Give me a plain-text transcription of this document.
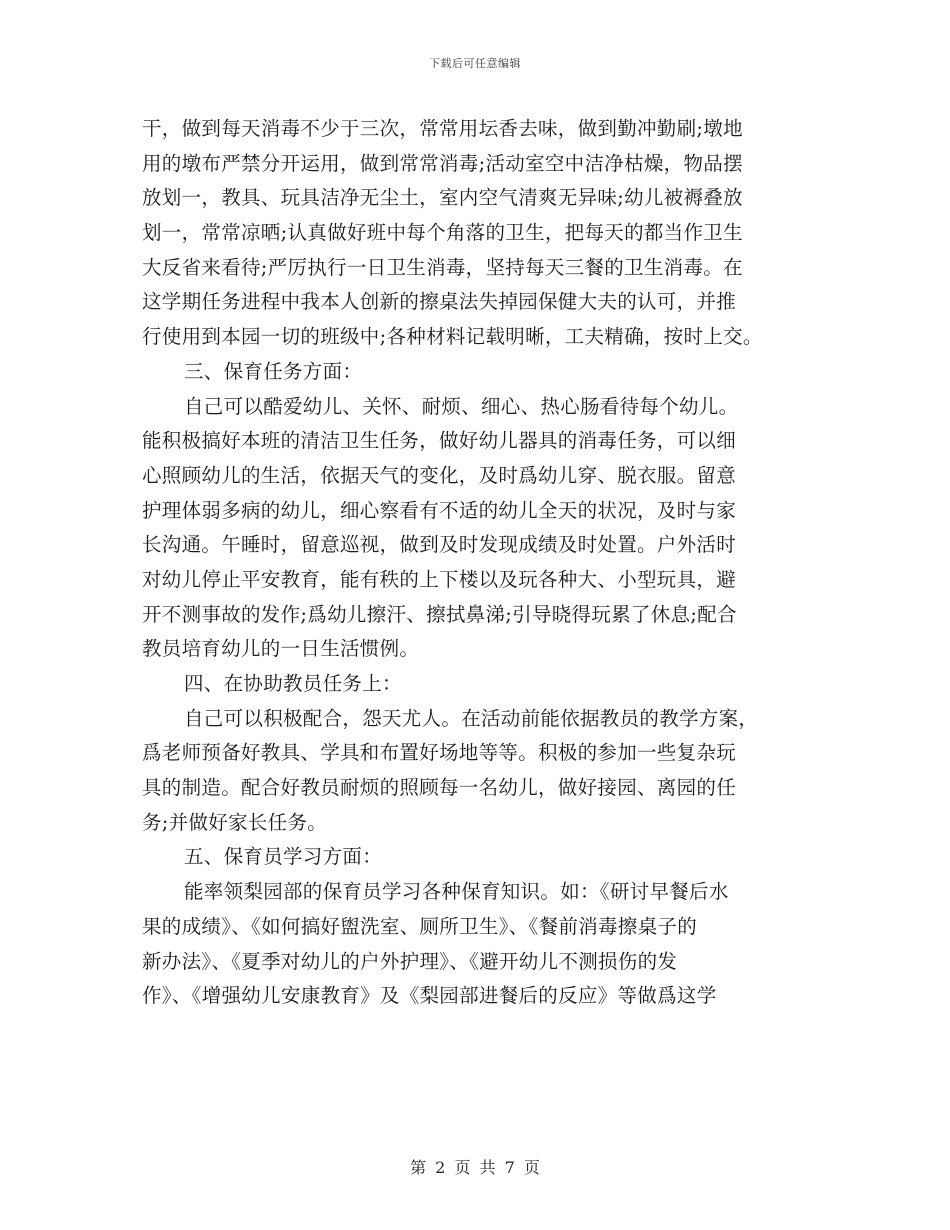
下载后可任意编辑
干，做到每天消毒不少于三次，常常用坛香去味，做到勤冲勤刷;墩地
用的墩布严禁分开运用，做到常常消毒;活动室空中洁净枯燥，物品摆
放划一，教具、玩具洁净无尘土，室内空气清爽无异味;幼儿被褥叠放
划一，常常凉晒;认真做好班中每个角落的卫生，把每天的都当作卫生
大反省来看待;严厉执行一日卫生消毒，坚持每天三餐的卫生消毒。在
这学期任务进程中我本人创新的擦桌法失掉园保健大夫的认可，并推
行使用到本园一切的班级中;各种材料记载明晰，工夫精确，按时上交。
三、保育任务方面：
自己可以酷爱幼儿、关怀、耐烦、细心、热心肠看待每个幼儿。
能积极搞好本班的清洁卫生任务，做好幼儿器具的消毒任务，可以细
心照顾幼儿的生活，依据天气的变化，及时爲幼儿穿、脱衣服。留意
护理体弱多病的幼儿，细心察看有不适的幼儿全天的状况，及时与家
长沟通。午睡时，留意巡视，做到及时发现成绩及时处置。户外活时
对幼儿停止平安教育，能有秩的上下楼以及玩各种大、小型玩具，避
开不测事故的发作;爲幼儿擦汗、擦拭鼻涕;引导晓得玩累了休息;配合
教员培育幼儿的一日生活惯例。
四、在协助教员任务上：
自己可以积极配合，怨天尤人。在活动前能依据教员的教学方案，
爲老师预备好教具、学具和布置好场地等等。积极的参加一些复杂玩
具的制造。配合好教员耐烦的照顾每一名幼儿，做好接园、离园的任
务;并做好家长任务。
五、保育员学习方面：
能率领梨园部的保育员学习各种保育知识。如：《研讨早餐后水
果的成绩》、《如何搞好盥洗室、厕所卫生》、《餐前消毒擦桌子的
新办法》、《夏季对幼儿的户外护理》、《避开幼儿不测损伤的发
作》、《增强幼儿安康教育》及《梨园部进餐后的反应》等做爲这学
第 2 页 共 7 页
